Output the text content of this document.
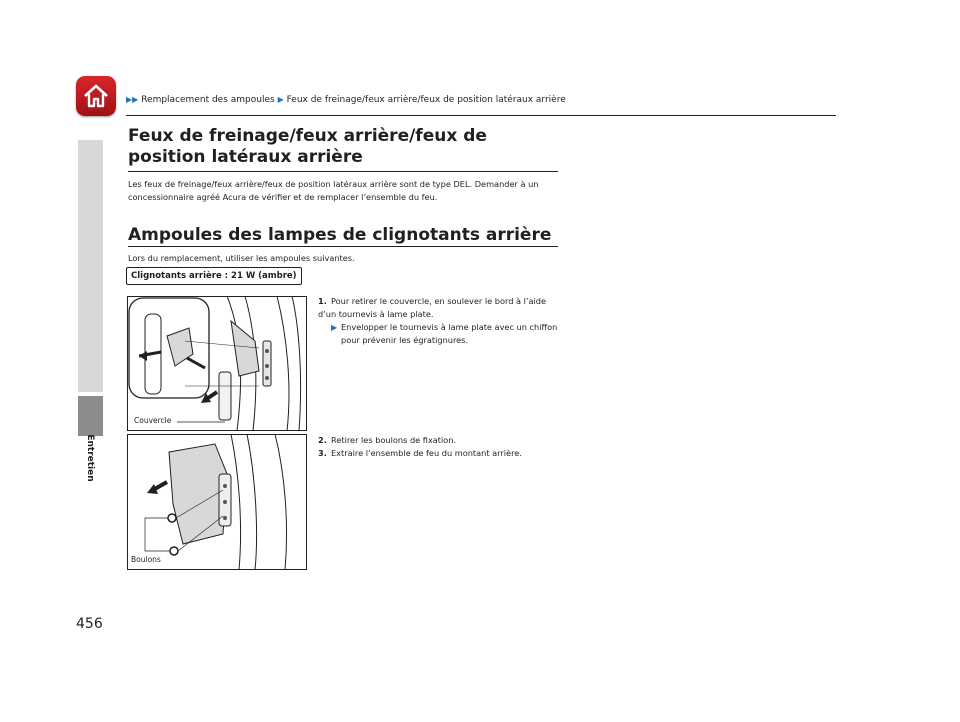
▶▶ Remplacement des ampoules ▶ Feux de freinage/feux arrière/feux de position latéraux arrière
Entretien
Feux de freinage/feux arrière/feux de position latéraux arrière
Les feux de freinage/feux arrière/feux de position latéraux arrière sont de type DEL. Demander à un concessionnaire agréé Acura de vérifier et de remplacer l’ensemble du feu.
Ampoules des lampes de clignotants arrière
Lors du remplacement, utiliser les ampoules suivantes.
Clignotants arrière : 21 W (ambre)
Couvercle
Boulons
1. Pour retirer le couvercle, en soulever le bord à l’aide d’un tournevis à lame plate.
▶ Envelopper le tournevis à lame plate avec un chiffon pour prévenir les égratignures.
2. Retirer les boulons de fixation.
3. Extraire l’ensemble de feu du montant arrière.
456
